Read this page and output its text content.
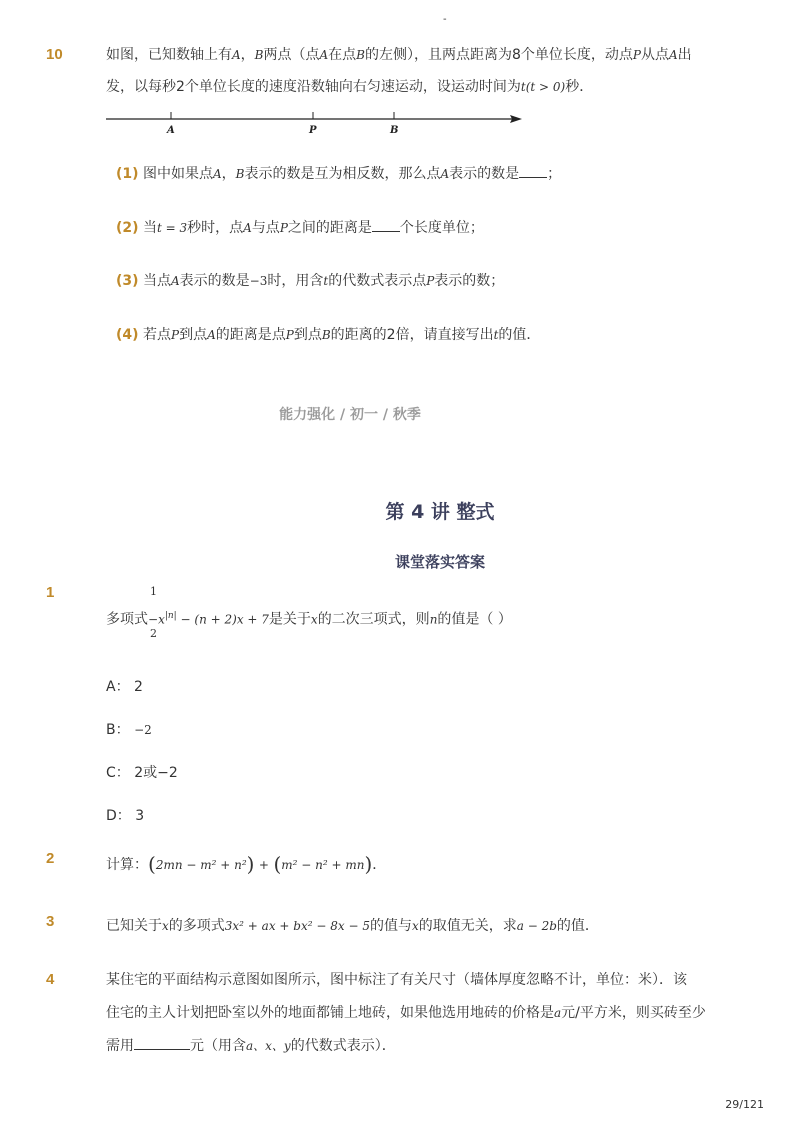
-
10	如图，已知数轴上有A，B两点（点A在点B的左侧），且两点距离为8个单位长度，动点P从点A出
发，以每秒2个单位长度的速度沿数轴向右匀速运动，设运动时间为t(t > 0)秒．
A	P	B
(1) 图中如果点A，B表示的数是互为相反数，那么点A表示的数是 ；
(2) 当t = 3秒时，点A与点P之间的距离是 个长度单位；
(3) 当点A表示的数是−3时，用含t的代数式表示点P表示的数；
(4) 若点P到点A的距离是点P到点B的距离的2倍，请直接写出t的值．
能力强化 / 初一 / 秋季
第 4 讲 整式
课堂落实答案
1	1
2
多项式$-x^{|n|} - (n + 2)x + 7$是关于x的二次三项式，则n的值是（ ）
A： 2
B： −2
C： 2或−2
D： 3
2	计算：(2mn − m² + n²) + (m² − n² + mn)．
3	已知关于x的多项式3x² + ax + bx² − 8x − 5的值与x的取值无关，求a − 2b的值．
4	某住宅的平面结构示意图如图所示，图中标注了有关尺寸（墙体厚度忽略不计，单位：米）．该
住宅的主人计划把卧室以外的地面都铺上地砖，如果他选用地砖的价格是a元/平方米，则买砖至少
需用	元（用含a、x、y的代数式表示）．
29/121
